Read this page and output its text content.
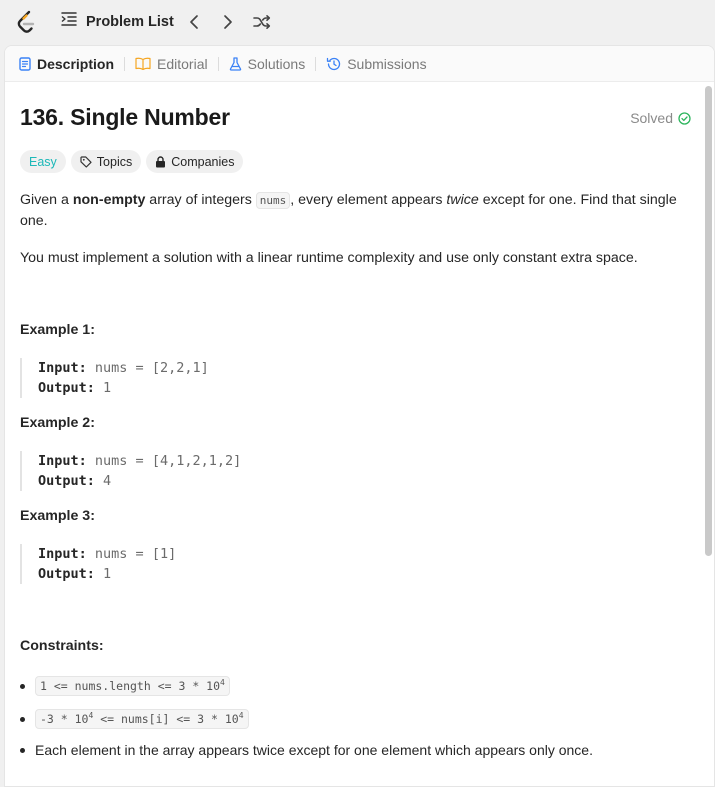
Problem List
Description	Editorial	Solutions	Submissions
136. Single Number	Solved
Easy	Topics	Companies
Given a non-empty array of integers nums , every element appears twice except for one. Find that single one.
You must implement a solution with a linear runtime complexity and use only constant extra space.
Example 1:
Input: nums = [2,2,1]
Output: 1
Example 2:
Input: nums = [4,1,2,1,2]
Output: 4
Example 3:
Input: nums = [1]
Output: 1
Constraints:
1 <= nums.length <= $3 * 10^4$
$-3 * 10^4$ <= nums[i] <= $3 * 10^4$
Each element in the array appears twice except for one element which appears only once.
